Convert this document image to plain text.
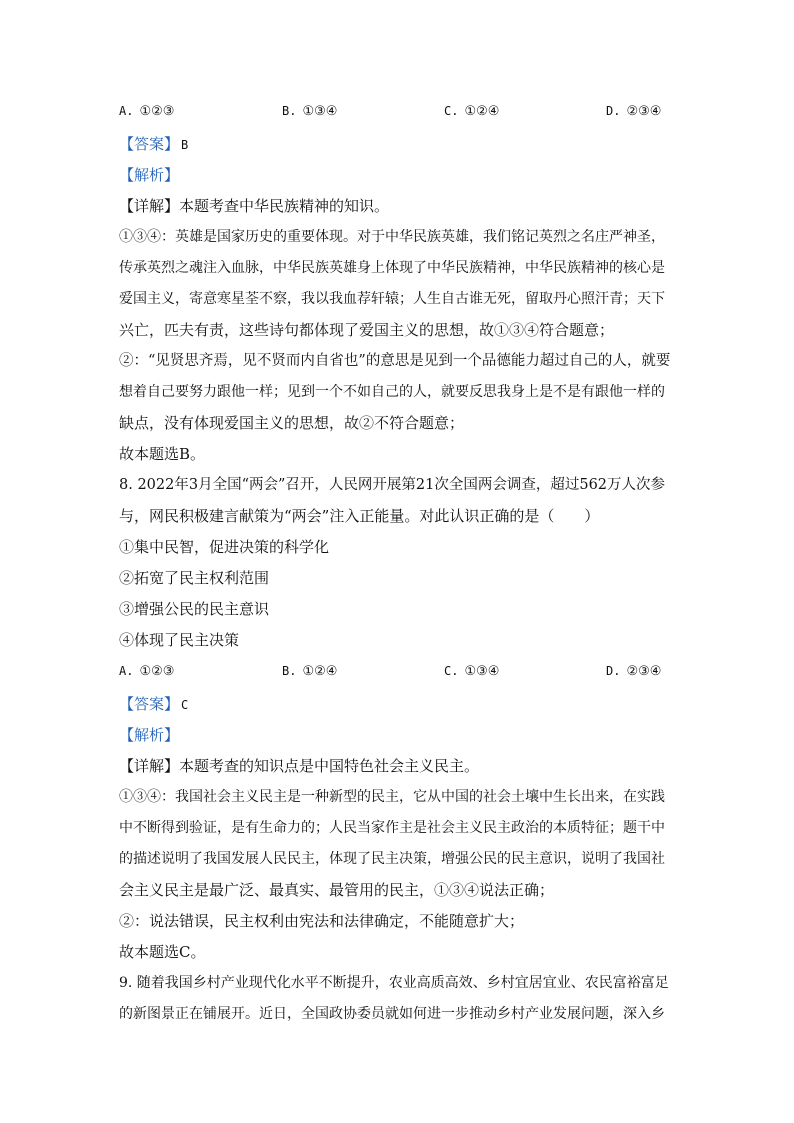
A. ①②③	B. ①③④	C. ①②④	D. ②③④
【答案】 B
【解析】
【详解】本题考查中华民族精神的知识。
①③④：英雄是国家历史的重要体现。对于中华民族英雄，我们铭记英烈之名庄严神圣，
传承英烈之魂注入血脉，中华民族英雄身上体现了中华民族精神，中华民族精神的核心是
爱国主义，寄意寒星荃不察，我以我血荐轩辕；人生自古谁无死，留取丹心照汗青；天下
兴亡，匹夫有责，这些诗句都体现了爱国主义的思想，故①③④符合题意；
②：“见贤思齐焉，见不贤而内自省也”的意思是见到一个品德能力超过自己的人，就要
想着自己要努力跟他一样；见到一个不如自己的人，就要反思我身上是不是有跟他一样的
缺点，没有体现爱国主义的思想，故②不符合题意；
故本题选B。
8. 2022年3月全国“两会”召开，人民网开展第21次全国两会调查，超过562万人次参
与，网民积极建言献策为“两会”注入正能量。对此认识正确的是（　　）
①集中民智，促进决策的科学化
②拓宽了民主权利范围
③增强公民的民主意识
④体现了民主决策
A. ①②③	B. ①②④	C. ①③④	D. ②③④
【答案】 C
【解析】
【详解】本题考查的知识点是中国特色社会主义民主。
①③④：我国社会主义民主是一种新型的民主，它从中国的社会土壤中生长出来，在实践
中不断得到验证，是有生命力的；人民当家作主是社会主义民主政治的本质特征；题干中
的描述说明了我国发展人民民主，体现了民主决策，增强公民的民主意识，说明了我国社
会主义民主是最广泛、最真实、最管用的民主，①③④说法正确；
②：说法错误，民主权利由宪法和法律确定，不能随意扩大；
故本题选C。
9. 随着我国乡村产业现代化水平不断提升，农业高质高效、乡村宜居宜业、农民富裕富足
的新图景正在铺展开。近日，全国政协委员就如何进一步推动乡村产业发展问题，深入乡
